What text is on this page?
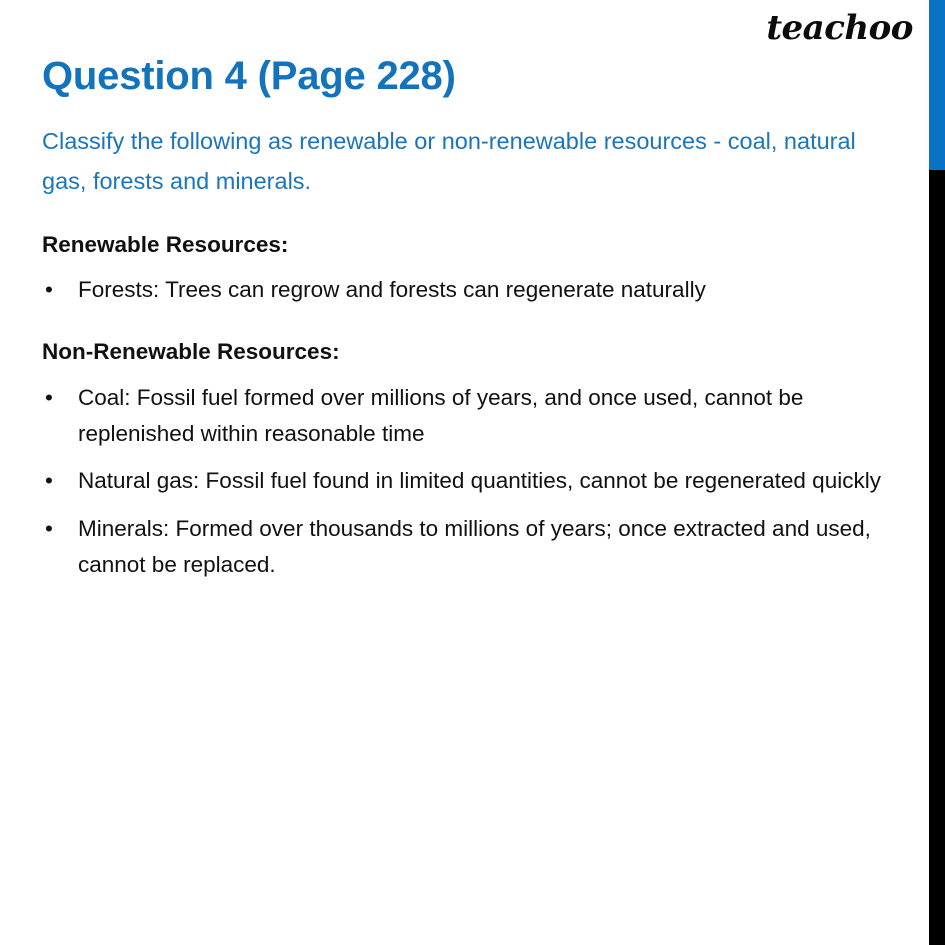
teachoo
Question 4 (Page 228)

Classify the following as renewable or non-renewable resources - coal, natural gas, forests and minerals.

Renewable Resources:
• Forests: Trees can regrow and forests can regenerate naturally
Non-Renewable Resources:
• Coal: Fossil fuel formed over millions of years, and once used, cannot be replenished within reasonable time
• Natural gas: Fossil fuel found in limited quantities, cannot be regenerated quickly
• Minerals: Formed over thousands to millions of years; once extracted and used, cannot be replaced.
